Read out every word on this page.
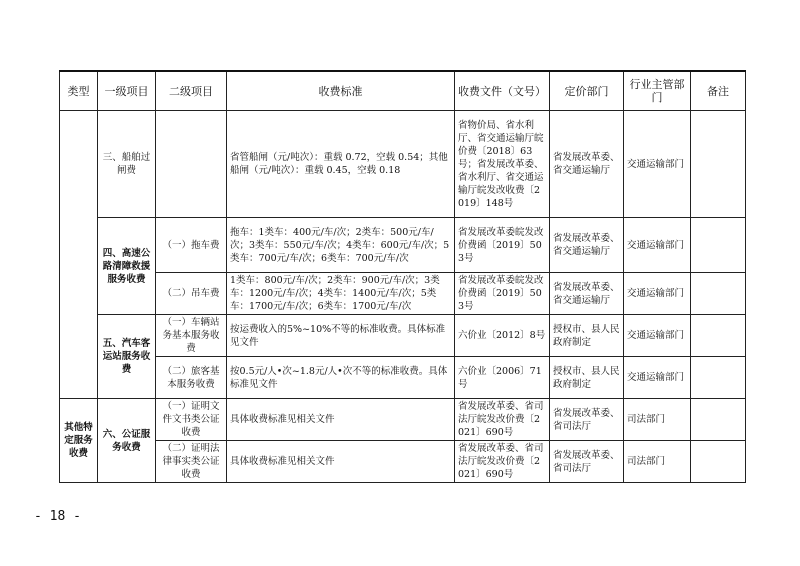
类型	一级项目	二级项目	收费标准	收费文件（文号）	定价部门	行业主管部门	备注
	三、船舶过闸费		省管船闸（元/吨次）：重载 0.72，空载 0.54；其他船闸（元/吨次）：重载 0.45，空载 0.18	省物价局、省水利厅、省交通运输厅皖价费〔2018〕63号；省发展改革委、省水利厅、省交通运输厅皖发改收费〔2019〕148号	省发展改革委、省交通运输厅	交通运输部门	
	四、高速公路清障救援服务收费	（一）拖车费	拖车：1类车：400元/车/次；2类车：500元/车/次；3类车：550元/车/次；4类车：600元/车/次；5类车：700元/车/次；6类车：700元/车/次	省发展改革委皖发改价费函〔2019〕503号	省发展改革委、省交通运输厅	交通运输部门	
		（二）吊车费	1类车：800元/车/次；2类车：900元/车/次；3类车：1200元/车/次；4类车：1400元/车/次；5类车：1700元/车/次；6类车：1700元/车/次	省发展改革委皖发改价费函〔2019〕503号	省发展改革委、省交通运输厅	交通运输部门	
	五、汽车客运站服务收费	（一）车辆站务基本服务收费	按运费收入的5%~10%不等的标准收费。具体标准见文件	六价业〔2012〕8号	授权市、县人民政府制定	交通运输部门	
		（二）旅客基本服务收费	按0.5元/人•次~1.8元/人•次不等的标准收费。具体标准见文件	六价业〔2006〕71号	授权市、县人民政府制定	交通运输部门	
其他特定服务收费	六、公证服务收费	（一）证明文件文书类公证收费	具体收费标准见相关文件	省发展改革委、省司法厅皖发改价费〔2021〕690号	省发展改革委、省司法厅	司法部门	
		（二）证明法律事实类公证收费	具体收费标准见相关文件	省发展改革委、省司法厅皖发改价费〔2021〕690号	省发展改革委、省司法厅	司法部门	
- 18 -
